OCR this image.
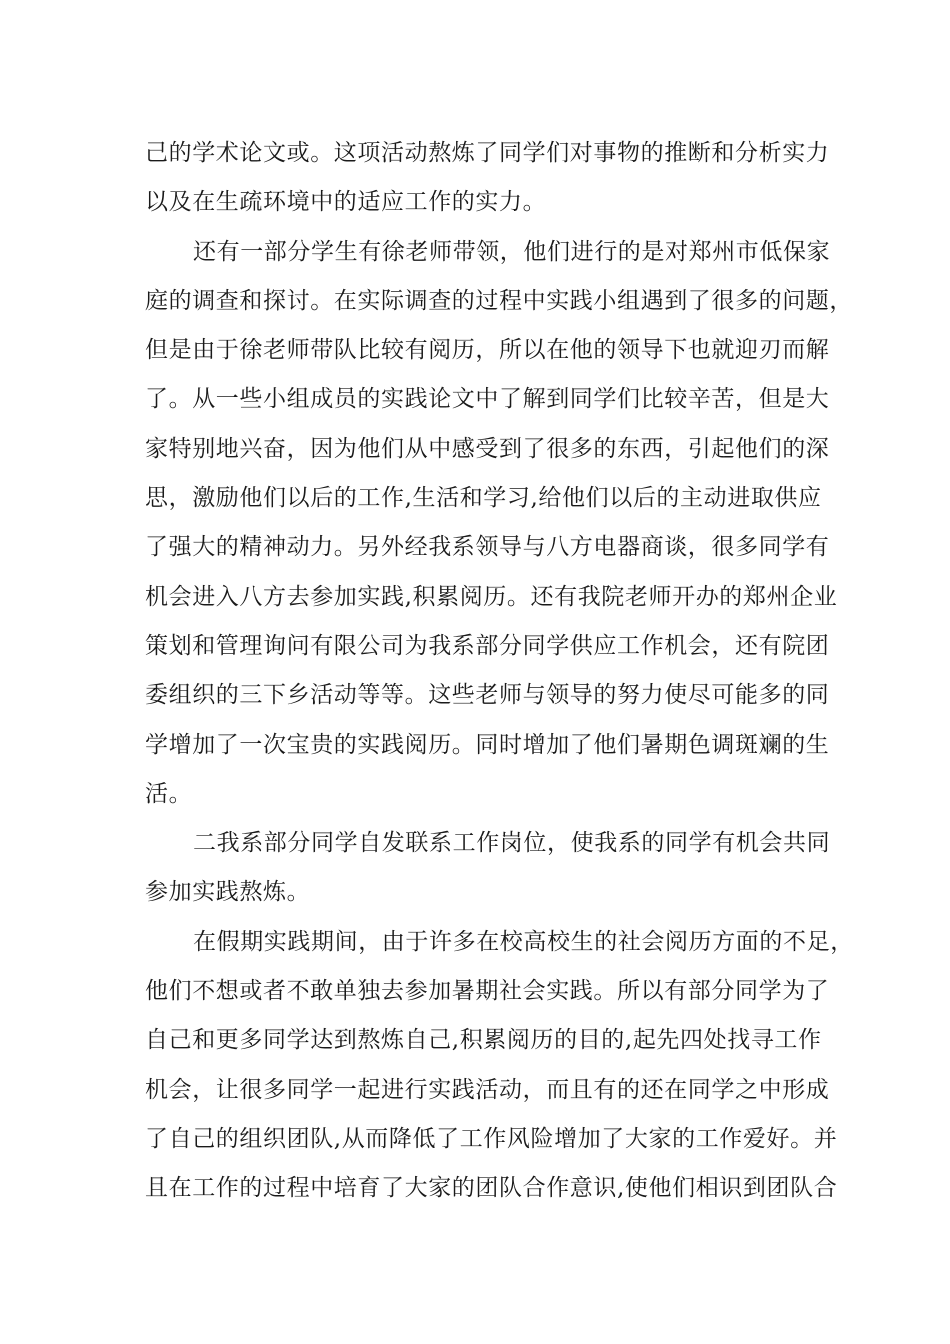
己的学术论文或。这项活动熬炼了同学们对事物的推断和分析实力
以及在生疏环境中的适应工作的实力。
还有一部分学生有徐老师带领，他们进行的是对郑州市低保家
庭的调查和探讨。在实际调查的过程中实践小组遇到了很多的问题，
但是由于徐老师带队比较有阅历，所以在他的领导下也就迎刃而解
了。从一些小组成员的实践论文中了解到同学们比较辛苦，但是大
家特别地兴奋，因为他们从中感受到了很多的东西，引起他们的深
思，激励他们以后的工作,生活和学习,给他们以后的主动进取供应
了强大的精神动力。另外经我系领导与八方电器商谈，很多同学有
机会进入八方去参加实践,积累阅历。还有我院老师开办的郑州企业
策划和管理询问有限公司为我系部分同学供应工作机会，还有院团
委组织的三下乡活动等等。这些老师与领导的努力使尽可能多的同
学增加了一次宝贵的实践阅历。同时增加了他们暑期色调斑斓的生
活。
二我系部分同学自发联系工作岗位，使我系的同学有机会共同
参加实践熬炼。
在假期实践期间，由于许多在校高校生的社会阅历方面的不足，
他们不想或者不敢单独去参加暑期社会实践。所以有部分同学为了
自己和更多同学达到熬炼自己,积累阅历的目的,起先四处找寻工作
机会，让很多同学一起进行实践活动，而且有的还在同学之中形成
了自己的组织团队,从而降低了工作风险增加了大家的工作爱好。并
且在工作的过程中培育了大家的团队合作意识,使他们相识到团队合
